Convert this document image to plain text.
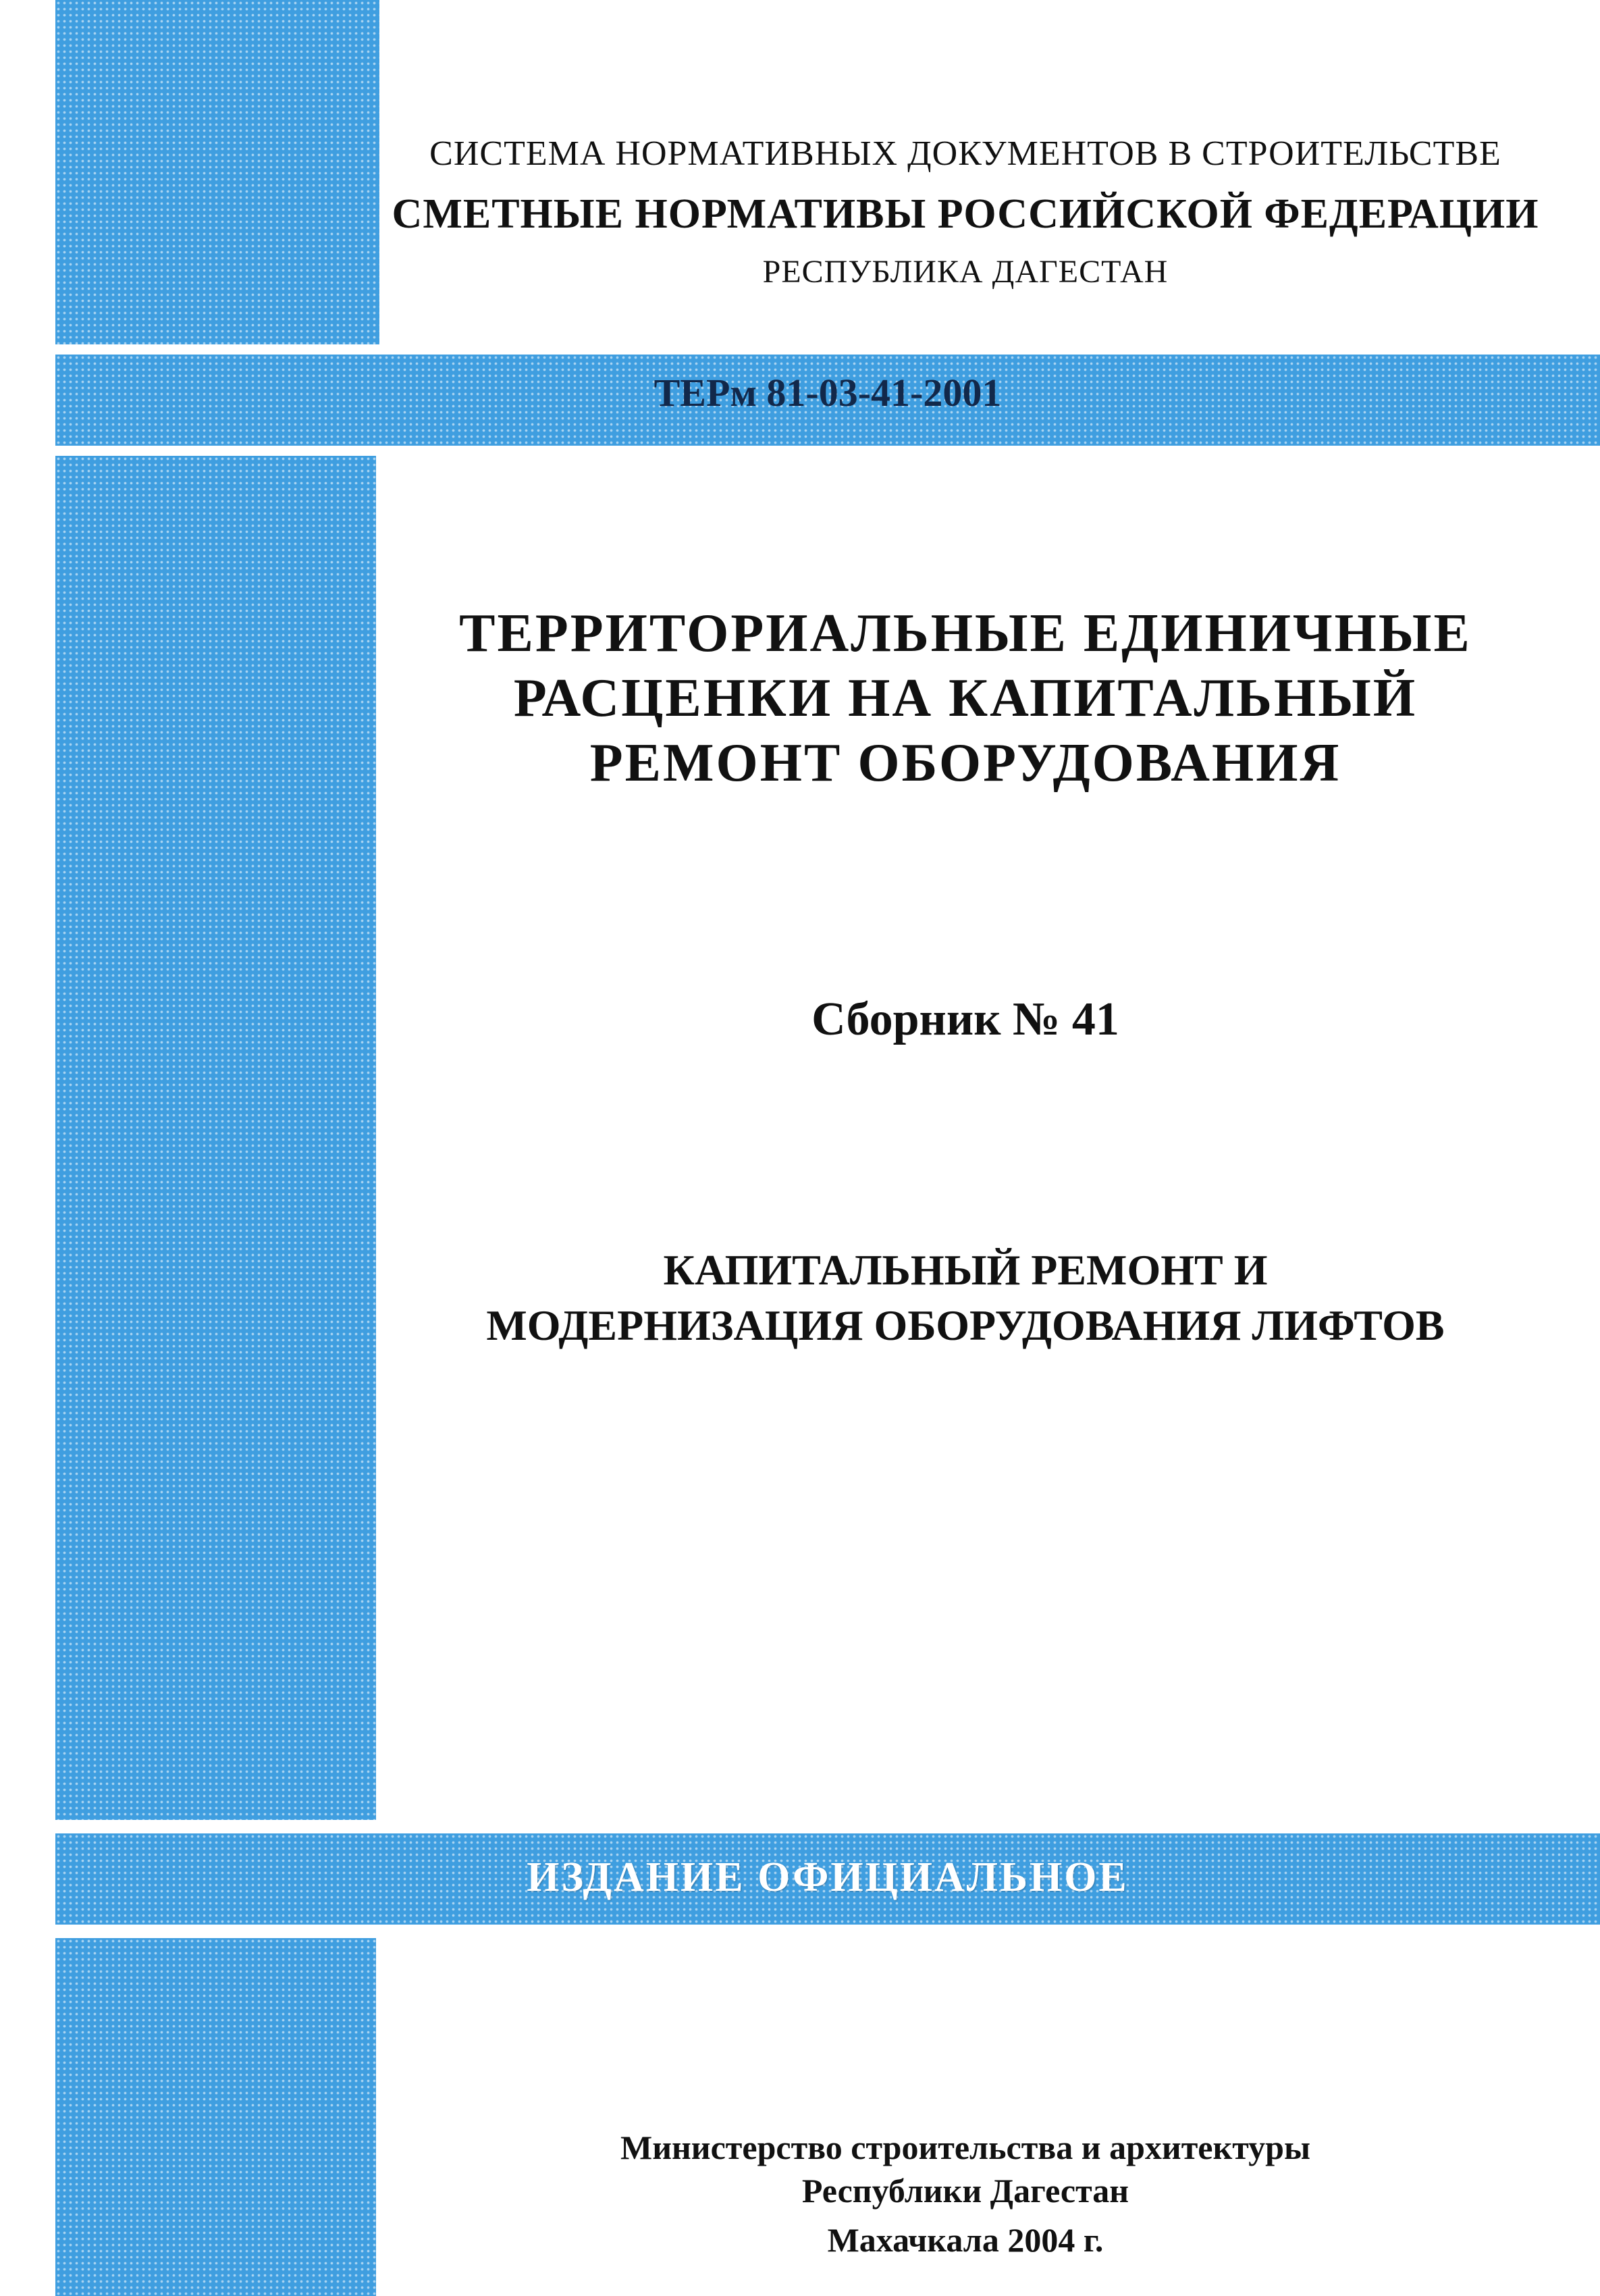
СИСТЕМА НОРМАТИВНЫХ ДОКУМЕНТОВ В СТРОИТЕЛЬСТВЕ

СМЕТНЫЕ НОРМАТИВЫ РОССИЙСКОЙ ФЕДЕРАЦИИ

РЕСПУБЛИКА ДАГЕСТАН

ТЕРм 81-03-41-2001

ТЕРРИТОРИАЛЬНЫЕ ЕДИНИЧНЫЕ
РАСЦЕНКИ НА КАПИТАЛЬНЫЙ
РЕМОНТ ОБОРУДОВАНИЯ

Сборник № 41

КАПИТАЛЬНЫЙ РЕМОНТ И
МОДЕРНИЗАЦИЯ ОБОРУДОВАНИЯ ЛИФТОВ

ИЗДАНИЕ ОФИЦИАЛЬНОЕ

Министерство строительства и архитектуры
Республики Дагестан

Махачкала 2004 г.
